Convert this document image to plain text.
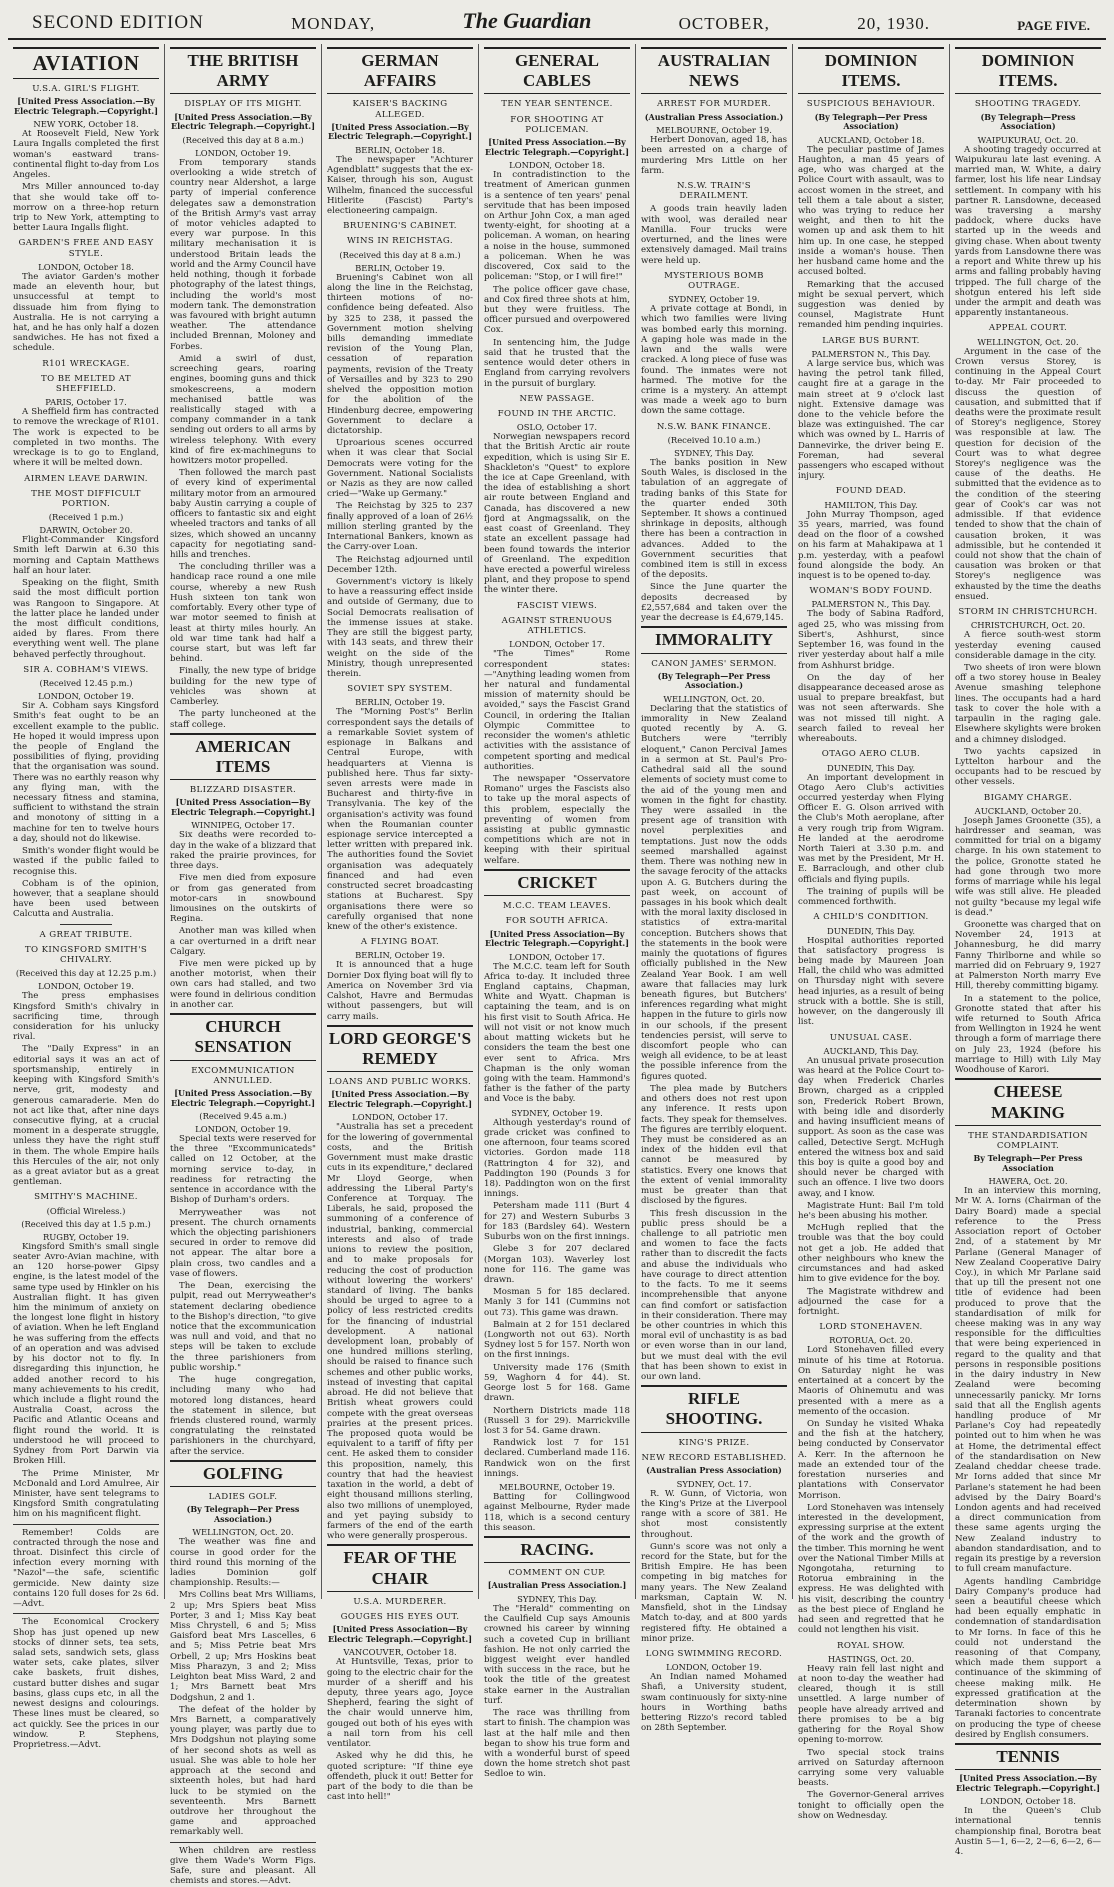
SECOND EDITION	MONDAY,	The Guardian	OCTOBER,	20, 1930.	PAGE FIVE.
AVIATION
U.S.A. GIRL'S FLIGHT.
[United Press Association.—By Electric Telegraph.—Copyright.]
NEW YORK, October 18.

At Roosevelt Field, New York Laura Ingalls completed the first woman's eastward trans-continental flight to-day from Los Angeles.

Mrs Miller announced to-day that she would take off to-morrow on a three-hop return trip to New York, attempting to better Laura Ingalls flight.

GARDEN'S FREE AND EASY STYLE.
LONDON, October 18.

The aviator Garden's mother made an eleventh hour, but unsuccessful at tempt to dissuade him from flying to Australia. He is not carrying a hat, and he has only half a dozen sandwiches. He has not fixed a schedule.

R101 WRECKAGE.
TO BE MELTED AT SHEFFIELD.
PARIS, October 17.

A Sheffield firm has contracted to remove the wreckage of R101. The work is expected to be completed in two months. The wreckage is to go to England, where it will be melted down.

AIRMEN LEAVE DARWIN.
THE MOST DIFFICULT PORTION.
(Received 1 p.m.)
DARWIN, October 20.

Flight-Commander Kingsford Smith left Darwin at 6.30 this morning and Captain Matthews half an hour later.

Speaking on the flight, Smith said the most difficult portion was Rangoon to Singapore. At the latter place he landed under the most difficult conditions, aided by flares. From there everything went well. The plane behaved perfectly throughout.

SIR A. COBHAM'S VIEWS.
(Received 12.45 p.m.)
LONDON, October 19.

Sir A. Cobham says Kingsford Smith's feat ought to be an excellent example to the public. He hoped it would impress upon the people of England the possibilities of flying, providing that the organisation was sound. There was no earthly reason why any flying man, with the necessary fitness and stamina, sufficient to withstand the strain and monotony of sitting in a machine for ten to twelve hours a day, should not do likewise.

Smith's wonder flight would be wasted if the public failed to recognise this.

Cobham is of the opinion, however, that a seaplane should have been used between Calcutta and Australia.

A GREAT TRIBUTE.
TO KINGSFORD SMITH'S CHIVALRY.
(Received this day at 12.25 p.m.)
LONDON, October 19.

The press emphasises Kingsford Smith's chivalry in sacrificing time, through consideration for his unlucky rival.

The "Daily Express" in an editorial says it was an act of sportsmanship, entirely in keeping with Kingsford Smith's nerve, grit, modesty and generous camaraderie. Men do not act like that, after nine days consecutive flying, at a crucial moment in a desperate struggle, unless they have the right stuff in them. The whole Empire hails this Hercules of the air, not only as a great aviator but as a great gentleman.

SMITHY'S MACHINE.
(Official Wireless.)
(Received this day at 1.5 p.m.)
RUGBY, October 19.

Kingsford Smith's small single seater Avro-Avian machine, with an 120 horse-power Gipsy engine, is the latest model of the same type used by Hinkler on his Australian flight. It has given him the minimum of anxiety on the longest lone flight in history of aviation. When he left England he was suffering from the effects of an operation and was advised by his doctor not to fly. In disregarding this injunction, he added another record to his many achievements to his credit, which include a flight round the Australia Coast, across the Pacific and Atlantic Oceans and flight round the world. It is understood he will proceed to Sydney from Port Darwin via Broken Hill.

The Prime Minister, Mr McDonald and Lord Amulree, Air Minister, have sent telegrams to Kingsford Smith congratulating him on his magnificent flight.

Remember! Colds are contracted through the nose and throat. Disinfect this circle of infection every morning with "Nazol"—the safe, scientific germicide. New dainty size contains 120 full doses for 2s 6d.—Advt.

The Economical Crockery Shop has just opened up new stocks of dinner sets, tea sets, salad sets, sandwich sets, glass water sets, cake plates, silver cake baskets, fruit dishes, custard butter dishes and sugar basins, glass cups etc, in all the newest designs and colourings. These lines must be cleared, so act quickly. See the prices in our window. P. Stephens, Proprietress.—Advt.

THE BRITISH ARMY
DISPLAY OF ITS MIGHT.
[United Press Association.—By Electric Telegraph.—Copyright.]
(Received this day at 8 a.m.)
LONDON, October 19.

From temporary stands overlooking a wide stretch of country near Aldershot, a large party of imperial conference delegates saw a demonstration of the British Army's vast array of motor vehicles adapted to every war purpose. In this military mechanisation it is understood Britain leads the world and the Army Council have held nothing, though it forbade photography of the latest things, including the world's most modern tank. The demonstration was favoured with bright autumn weather. The attendance included Brennan, Moloney and Forbes.

Amid a swirl of dust, screeching gears, roaring engines, booming guns and thick smokescreens, a modern mechanised battle was realistically staged with a company commander in a tank sending out orders to all arms by wireless telephony. With every kind of fire ex-machineguns to howitzers motor propelled.

Then followed the march past of every kind of experimental military motor from an armoured baby Austin carrying a couple of officers to fantastic six and eight wheeled tractors and tanks of all sizes, which showed an uncanny capacity for negotiating sand-hills and trenches.

The concluding thriller was a handicap race round a one mile course, whereby a new Rush Hush sixteen ton tank won comfortably. Every other type of war motor seemed to finish at least at thirty miles hourly. An old war time tank had half a course start, but was left far behind.

Finally, the new type of bridge building for the new type of vehicles was shown at Camberley.

The party luncheoned at the staff college.

AMERICAN ITEMS
BLIZZARD DISASTER.
[United Press Association—By Electric Telegraph.—Copyright.]
WINNIPEG, October 17.

Six deaths were recorded to-day in the wake of a blizzard that raked the prairie provinces, for three days.

Five men died from exposure or from gas generated from motor-cars in snowbound limousines on the outskirts of Regina.

Another man was killed when a car overturned in a drift near Calgary.

Five men were picked up by another motorist, when their own cars had stalled, and two were found in delirious condition in another car.

CHURCH SENSATION
EXCOMMUNICATION ANNULLED.
[United Press Association.—By Electric Telegraph.—Copyright.]
(Received 9.45 a.m.)
LONDON, October 19.

Special texts were reserved for the three "Excommunicateds" called on 12 October, at the morning service to-day, in readiness for retracting the sentence in accordance with the Bishop of Durham's orders.

Merryweather was not present. The church ornaments which the objecting parishioners secured in order to remove did not appear. The altar bore a plain cross, two candles and a vase of flowers.

The Dean, exercising the pulpit, read out Merryweather's statement declaring obedience to the Bishop's direction, "to give notice that the excommunication was null and void, and that no steps will be taken to exclude the three parishioners from public worship."

The huge congregation, including many who had motored long distances, heard the statement in silence, but friends clustered round, warmly congratulating the reinstated parishioners in the churchyard, after the service.

GOLFING
LADIES GOLF.
(By Telegraph—Per Press Association.)
WELLINGTON, Oct. 20.

The weather was fine and course in good order for the third round this morning of the ladies Dominion golf championship. Results:—

Mrs Collins beat Mrs Williams, 2 up; Mrs Spiers beat Miss Porter, 3 and 1; Miss Kay beat Miss Chrystell, 6 and 5; Miss Gaisford beat Mrs Lascelles, 6 and 5; Miss Petrie beat Mrs Orbell, 2 up; Mrs Hoskins beat Miss Pharazyn, 3 and 2; Miss Leighton beat Miss Ward, 2 and 1; Mrs Barnett beat Mrs Dodgshun, 2 and 1.

The defeat of the holder by Mrs Barnett, a comparatively young player, was partly due to Mrs Dodgshun not playing some of her second shots as well as usual. She was able to hole her approach at the second and sixteenth holes, but had hard luck to be stymied on the seventeenth. Mrs Barnett outdrove her throughout the game and approached remarkably well.

When children are restless give them Wade's Worm Figs. Safe, sure and pleasant. All chemists and stores.—Advt.

GERMAN AFFAIRS
KAISER'S BACKING ALLEGED.
[United Press Association.—By Electric Telegraph.—Copyright.]
BERLIN, October 18.

The newspaper "Achturer Agendblatt" suggests that the ex-Kaiser, through his son, August Wilhelm, financed the successful Hitlerite (Fascist) Party's electioneering campaign.

BRUENING'S CABINET.
WINS IN REICHSTAG.
(Received this day at 8 a.m.)
BERLIN, October 19.

Bruening's Cabinet won all along the line in the Reichstag, thirteen motions of no-confidence being defeated. Also by 325 to 238, it passed the Government motion shelving bills demanding immediate revision of the Young Plan, cessation of reparation payments, revision of the Treaty of Versailles and by 323 to 290 shelved the opposition motion for the abolition of the Hindenburg decree, empowering Government to declare a dictatorship.

Uproarious scenes occurred when it was clear that Social Democrats were voting for the Government. National Socialists or Nazis as they are now called cried—"Wake up Germany."

The Reichstag by 325 to 237 finally approved of a loan of 26½ million sterling granted by the International Bankers, known as the Carry-over Loan.

The Reichstag adjourned until December 12th.

Government's victory is likely to have a reassuring effect inside and outside of Germany, due to Social Democrats realisation of the immense issues at stake. They are still the biggest party, with 143 seats, and threw their weight on the side of the Ministry, though unrepresented therein.

SOVIET SPY SYSTEM.
BERLIN, October 19.

The "Morning Post's" Berlin correspondent says the details of a remarkable Soviet system of espionage in Balkans and Central Europe, with headquarters at Vienna is published here. Thus far sixty-seven arrests were made in Bucharest and thirty-five in Transylvania. The key of the organisation's activity was found when the Roumanian counter espionage service intercepted a letter written with prepared ink. The authorities found the Soviet organisation was adequately financed and had even constructed secret broadcasting stations at Bucharest. Spy organisations there were so carefully organised that none knew of the other's existence.

A FLYING BOAT.
BERLIN, October 19.

It is announced that a huge Dornier Dox flying boat will fly to America on November 3rd via Calshot, Havre and Bermudas without passengers, but will carry mails.

LORD GEORGE'S REMEDY
LOANS AND PUBLIC WORKS.
[United Press Association.—By Electric Telegraph.—Copyright.]
LONDON, October 17.

"Australia has set a precedent for the lowering of governmental costs, and the British Government must make drastic cuts in its expenditure," declared Mr Lloyd George, when addressing the Liberal Party's Conference at Torquay. The Liberals, he said, proposed the summoning of a conference of industrial, banking, commercial interests and also of trade unions to review the position, and to make proposals for reducing the cost of production without lowering the workers' standard of living. The banks should be urged to agree to a policy of less restricted credits for the financing of industrial development. A national development loan, probably of one hundred millions sterling, should be raised to finance such schemes and other public works, instead of investing that capital abroad. He did not believe that British wheat growers could compete with the great overseas prairies at the present prices. The proposed quota would be equivalent to a tariff of fifty per cent. He asked them to consider this proposition, namely, this country that had the heaviest taxation in the world, a debt of eight thousand millions sterling, also two millions of unemployed, and yet paying subsidy to farmers of the end of the earth who were generally prosperous.

FEAR OF THE CHAIR
U.S.A. MURDERER.
GOUGES HIS EYES OUT.
[United Press Association—By Electric Telegraph.—Copyright.]
VANCOUVER, October 18.

At Huntsville, Texas, prior to going to the electric chair for the murder of a sheriff and his deputy, three years ago, Joyce Shepherd, fearing the sight of the chair would unnerve him, gouged out both of his eyes with a nail torn from his cell ventilator.

Asked why he did this, he quoted scripture: "If thine eye offendeth, pluck it out! Better for part of the body to die than be cast into hell!"

GENERAL CABLES
TEN YEAR SENTENCE.
FOR SHOOTING AT POLICEMAN.
[United Press Association.—By Electric Telegraph.—Copyright.]
LONDON, October 18.

In contradistinction to the treatment of American gunmen is a sentence of ten years' penal servitude that has been imposed on Arthur John Cox, a man aged twenty-eight, for shooting at a policeman. A woman, on hearing a noise in the house, summoned a policeman. When he was discovered, Cox said to the policeman: "Stop, or I will fire!"

The police officer gave chase, and Cox fired three shots at him, but they were fruitless. The officer pursued and overpowered Cox.

In sentencing him, the Judge said that he trusted that the sentence would deter others in England from carrying revolvers in the pursuit of burglary.

NEW PASSAGE.
FOUND IN THE ARCTIC.
OSLO, October 17.

Norwegian newspapers record that the British Arctic air route expedition, which is using Sir E. Shackleton's "Quest" to explore the ice at Cape Greenland, with the idea of establishing a short air route between England and Canada, has discovered a new fjord at Angmagssalik, on the east coast of Greenland. They state an excellent passage had been found towards the interior of Greenland. The expedition have erected a powerful wireless plant, and they propose to spend the winter there.

FASCIST VIEWS.
AGAINST STRENUOUS ATHLETICS.
LONDON, October 17.

"The Times" Rome correspondent states:—"Anything leading women from her natural and fundamental mission of maternity should be avoided," says the Fascist Grand Council, in ordering the Italian Olympic Committee to reconsider the women's athletic activities with the assistance of competent sporting and medical authorities.

The newspaper "Osservatore Romano" urges the Fascists also to take up the moral aspects of this problem, especially the preventing of women from assisting at public gymnastic competitions which are not in keeping with their spiritual welfare.

CRICKET
M.C.C. TEAM LEAVES.
FOR SOUTH AFRICA.
[United Press Association—By Electric Telegraph.—Copyright.]
LONDON, October 17.

The M.C.C. team left for South Africa to-day. It included three England captains, Chapman, White and Wyatt. Chapman is captaining the team, and is on his first visit to South Africa. He will not visit or not know much about matting wickets but he considers the team the best one ever sent to Africa. Mrs Chapman is the only woman going with the team. Hammond's father is the father of the party and Voce is the baby.

SYDNEY, October 19.

Although yesterday's round of grade cricket was confined to one afternoon, four teams scored victories. Gordon made 118 (Rattrington 4 for 32), and Paddington 190 (Pounds 3 for 18). Paddington won on the first innings.

Petersham made 111 (Burt 4 for 27) and Western Suburbs 3 for 183 (Bardsley 64). Western Suburbs won on the first innings.

Glebe 3 for 207 declared (Morgan 103). Waverley lost none for 116. The game was drawn.

Mosman 5 for 185 declared. Manly 3 for 141 (Cummins not out 73). This game was drawn.

Balmain at 2 for 151 declared (Longworth not out 63). North Sydney lost 5 for 157. North won on the first innings.

University made 176 (Smith 59, Waghorn 4 for 44). St. George lost 5 for 168. Game drawn.

Northern Districts made 118 (Russell 3 for 29). Marrickville lost 3 for 54. Game drawn.

Randwick lost 7 for 151 declared. Cumberland made 116. Randwick won on the first innings.

MELBOURNE, October 19.

Batting for Collingwood against Melbourne, Ryder made 118, which is a second century this season.

RACING.
COMMENT ON CUP.
[Australian Press Association.]
SYDNEY, This Day.

The "Herald" commenting on the Caulfield Cup says Amounis crowned his career by winning such a coveted Cup in brilliant fashion. He not only carried the biggest weight ever handled with success in the race, but he took the title of the greatest stake earner in the Australian turf.

The race was thrilling from start to finish. The champion was last at the half mile and then began to show his true form and with a wonderful burst of speed down the home stretch shot past Sedloe to win.

AUSTRALIAN NEWS
ARREST FOR MURDER.
(Australian Press Association.)
MELBOURNE, October 19.

Herbert Donovan, aged 18, has been arrested on a charge of murdering Mrs Little on her farm.

N.S.W. TRAIN'S DERAILMENT.

A goods train heavily laden with wool, was derailed near Manilla. Four trucks were overturned, and the lines were extensively damaged. Mail trains were held up.

MYSTERIOUS BOMB OUTRAGE.
SYDNEY, October 19.

A private cottage at Bondi, in which two families were living was bombed early this morning. A gaping hole was made in the lawn and the walls were cracked. A long piece of fuse was found. The inmates were not harmed. The motive for the crime is a mystery. An attempt was made a week ago to burn down the same cottage.

N.S.W. BANK FINANCE.
(Received 10.10 a.m.)
SYDNEY, This Day.

The banks position in New South Wales, is disclosed in the tabulation of an aggregate of trading banks of this State for the quarter ended 30th September. It shows a continued shrinkage in deposits, although there has been a contraction in advances. Added to the Government securities that combined item is still in excess of the deposits.

Since the June quarter the deposits decreased by £2,557,684 and taken over the year the decrease is £4,679,145.

IMMORALITY
CANON JAMES' SERMON.
(By Telegraph—Per Press Association.)
WELLINGTON, Oct. 20.

Declaring that the statistics of immorality in New Zealand quoted recently by A. G. Butchers were "terribly eloquent," Canon Percival James in a sermon at St. Paul's Pro-Cathedral said all the sound elements of society must come to the aid of the young men and women in the fight for chastity. They were assailed in the present age of transition with novel perplexities and temptations. Just now the odds seemed marshalled against them. There was nothing new in the savage ferocity of the attacks upon A. G. Butchers during the past week, on account of passages in his book which dealt with the moral laxity disclosed in statistics of extra-marital conception. Butchers shows that the statements in the book were mainly the quotations of figures officially published in the New Zealand Year Book. I am well aware that fallacies may lurk beneath figures, but Butchers' inferences regarding what might happen in the future to girls now in our schools, if the present tendencies persist, will serve to discomfort people who can weigh all evidence, to be at least the possible inference from the figures quoted.

The plea made by Butchers and others does not rest upon any inference. It rests upon facts. They speak for themselves. The figures are terribly eloquent. They must be considered as an index of the hidden evil that cannot be measured by statistics. Every one knows that the extent of venial immorality must be greater than that disclosed by the figures.

This fresh discussion in the public press should be a challenge to all patriotic men and women to face the facts rather than to discredit the facts and abuse the individuals who have courage to direct attention to the facts. To me it seems incomprehensible that anyone can find comfort or satisfaction in their consideration. There may be other countries in which this moral evil of unchastity is as bad or even worse than in our land, but we must deal with the evil that has been shown to exist in our own land.

RIFLE SHOOTING.
KING'S PRIZE.
NEW RECORD ESTABLISHED.
(Australian Press Association)
SYDNEY, Oct. 17.

R. W. Gunn, of Victoria, won the King's Prize at the Liverpool range with a score of 381. He shot most consistently throughout.

Gunn's score was not only a record for the State, but for the British Empire. He has been competing in big matches for many years. The New Zealand marksman, Captain W. N. Mansfield, shot in the Lindsay Match to-day, and at 800 yards registered fifty. He obtained a minor prize.

LONG SWIMMING RECORD.
LONDON, October 19.

An Indian named Mohamed Shafi, a University student, swam continuously for sixty-nine hours in Worthing baths bettering Rizzo's record tabled on 28th September.

DOMINION ITEMS.
SUSPICIOUS BEHAVIOUR.
(By Telegraph—Per Press Association)
AUCKLAND, October 18.

The peculiar pastime of James Haughton, a man 45 years of age, who was charged at the Police Court with assault, was to accost women in the street, and tell them a tale about a sister, who was trying to reduce her weight, and then to hit the women up and ask them to hit him up. In one case, he stepped inside a woman's house. Then her husband came home and the accused bolted.

Remarking that the accused might be sexual pervert, which suggestion was denied by counsel, Magistrate Hunt remanded him pending inquiries.

LARGE BUS BURNT.
PALMERSTON N., This Day.

A large service bus, which was having the petrol tank filled, caught fire at a garage in the main street at 9 o'clock last night. Extensive damage was done to the vehicle before the blaze was extinguished. The car which was owned by L. Harris of Dannevirke, the driver being E. Foreman, had several passengers who escaped without injury.

FOUND DEAD.
HAMILTON, This Day.

John Murray Thompson, aged 35 years, married, was found dead on the floor of a cowshed on his farm at Mahakipawa at 1 p.m. yesterday, with a peafowl found alongside the body. An inquest is to be opened to-day.

WOMAN'S BODY FOUND.
PALMERSTON N., This Day.

The body of Sabina Radford, aged 25, who was missing from Sibert's, Ashhurst, since September 16, was found in the river yesterday about half a mile from Ashhurst bridge.

On the day of her disappearance deceased arose as usual to prepare breakfast, but was not seen afterwards. She was not missed till night. A search failed to reveal her whereabouts.

OTAGO AERO CLUB.
DUNEDIN, This Day.

An important development in Otago Aero Club's activities occurred yesterday when Flying Officer E. G. Olson arrived with the Club's Moth aeroplane, after a very rough trip from Wigram. He landed at the aerodrome North Taieri at 3.30 p.m. and was met by the President, Mr H. E. Barraclough, and other club officials and flying pupils.

The training of pupils will be commenced forthwith.

A CHILD'S CONDITION.
DUNEDIN, This Day.

Hospital authorities reported that satisfactory progress is being made by Maureen Joan Hall, the child who was admitted on Thursday night with severe head injuries, as a result of being struck with a bottle. She is still, however, on the dangerously ill list.

UNUSUAL CASE.
AUCKLAND, This Day.

An unusual private prosecution was heard at the Police Court to-day when Frederick Charles Brown, charged as a crippled son, Frederick Robert Brown, with being idle and disorderly and having insufficient means of support. As soon as the case was called, Detective Sergt. McHugh entered the witness box and said this boy is quite a good boy and should never be charged with such an offence. I live two doors away, and I know.

Magistrate Hunt: Bail I'm told he's been abusing his mother.

McHugh replied that the trouble was that the boy could not get a job. He added that other neighbours who knew the circumstances and had asked him to give evidence for the boy.

The Magistrate withdrew and adjourned the case for a fortnight.

LORD STONEHAVEN.
ROTORUA, Oct. 20.

Lord Stonehaven filled every minute of his time at Rotorua. On Saturday night he was entertained at a concert by the Maoris of Ohinemutu and was presented with a mere as a memento of the occasion.

On Sunday he visited Whaka and the fish at the hatchery, being conducted by Conservator A. Kerr. In the afternoon he made an extended tour of the forestation nurseries and plantations with Conservator Morrison.

Lord Stonehaven was intensely interested in the development, expressing surprise at the extent of the work and the growth of the timber. This morning he went over the National Timber Mills at Ngongotaha, returning to Rotorua embraining in the express. He was delighted with his visit, describing the country as the best piece of England he had seen and regretted that he could not lengthen his visit.

ROYAL SHOW.
HASTINGS, Oct. 20.

Heavy rain fell last night and at noon to-day the weather had cleared, though it is still unsettled. A large number of people have already arrived and there promises to be a big gathering for the Royal Show opening to-morrow.

Two special stock trains arrived on Saturday afternoon carrying some very valuable beasts.

The Governor-General arrives tonight to officially open the show on Wednesday.

DOMINION ITEMS.
SHOOTING TRAGEDY.
(By Telegraph—Press Association)
WAIPUKURAU, Oct. 20.

A shooting tragedy occurred at Waipukurau late last evening. A married man, W. White, a dairy farmer, lost his life near Lindsay settlement. In company with his partner R. Lansdowne, deceased was traversing a marshy paddock, where ducks have started up in the weeds and giving chase. When about twenty yards from Lansdowne there was a report and White threw up his arms and falling probably having tripped. The full charge of the shotgun entered his left side under the armpit and death was apparently instantaneous.

APPEAL COURT.
WELLINGTON, Oct. 20.

Argument in the case of the Crown versus Storey, is continuing in the Appeal Court to-day. Mr Fair proceeded to discuss the question of causation, and submitted that if deaths were the proximate result of Storey's negligence, Storey was responsible at law. The question for decision of the Court was to what degree Storey's negligence was the cause of the deaths. He submitted that the evidence as to the condition of the steering gear of Cook's car was not admissible. If that evidence tended to show that the chain of causation broken, it was admissible, but he contended it could not show that the chain of causation was broken or that Storey's negligence was exhausted by the time the deaths ensued.

STORM IN CHRISTCHURCH.
CHRISTCHURCH, Oct. 20.

A fierce south-west storm yesterday evening caused considerable damage in the city.

Two sheets of iron were blown off a two storey house in Bealey Avenue smashing telephone lines. The occupants had a hard task to cover the hole with a tarpaulin in the raging gale. Elsewhere skylights were broken and a chimney dislodged.

Two yachts capsized in Lyttelton harbour and the occupants had to be rescued by other vessels.

BIGAMY CHARGE.
AUCKLAND, October 20.

Joseph James Groonette (35), a hairdresser and seaman, was committed for trial on a bigamy charge. In his own statement to the police, Gronotte stated he had gone through two more forms of marriage while his legal wife was still alive. He pleaded not guilty "because my legal wife is dead."

Groonette was charged that on November 24, 1913 at Johannesburg, he did marry Fanny Thirlborne and while so married did on February 9, 1927 at Palmerston North marry Eve Hill, thereby committing bigamy.

In a statement to the police, Gronotte stated that after his wife returned to South Africa from Wellington in 1924 he went through a form of marriage there on July 23, 1924 (before his marriage to Hill) with Lily May Woodhouse of Karori.

CHEESE MAKING
THE STANDARDISATION COMPLAINT.
By Telegraph—Per Press Association
HAWERA, Oct. 20.

In an interview this morning, Mr W. A. Iorns (Chairman of the Dairy Board) made a special reference to the Press Association report of October 2nd, of a statement by Mr Parlane (General Manager of New Zealand Cooperative Dairy Coy.), in which Mr Parlane said that up till the present not one title of evidence had been produced to prove that the standardisation of milk for cheese making was in any way responsible for the difficulties that were being experienced in regard to the quality and that persons in responsible positions in the dairy industry in New Zealand were becoming unnecessarily panicky. Mr Iorns said that all the English agents handling produce of Mr Parlane's Coy had repeatedly pointed out to him when he was at Home, the detrimental effect of the standardisation on New Zealand cheddar cheese trade. Mr Iorns added that since Mr Parlane's statement he had been advised by the Dairy Board's London agents and had received a direct communication from these same agents urging the New Zealand industry to abandon standardisation, and to regain its prestige by a reversion to full cream manufacture.

Agents handling Cambridge Dairy Company's produce had seen a beautiful cheese which had been equally emphatic in condemnation of standardisation to Mr Iorns. In face of this he could not understand the reasoning of that Company, which made them support a continuance of the skimming of cheese making milk. He expressed gratification at the determination shown by Taranaki factories to concentrate on producing the type of cheese desired by English consumers.

TENNIS
[United Press Association.—By Electric Telegraph.—Copyright.]
LONDON, October 18.

In the Queen's Club international tennis championship final, Borotra beat Austin 5—1, 6—2, 2—6, 6—2, 6—4.
